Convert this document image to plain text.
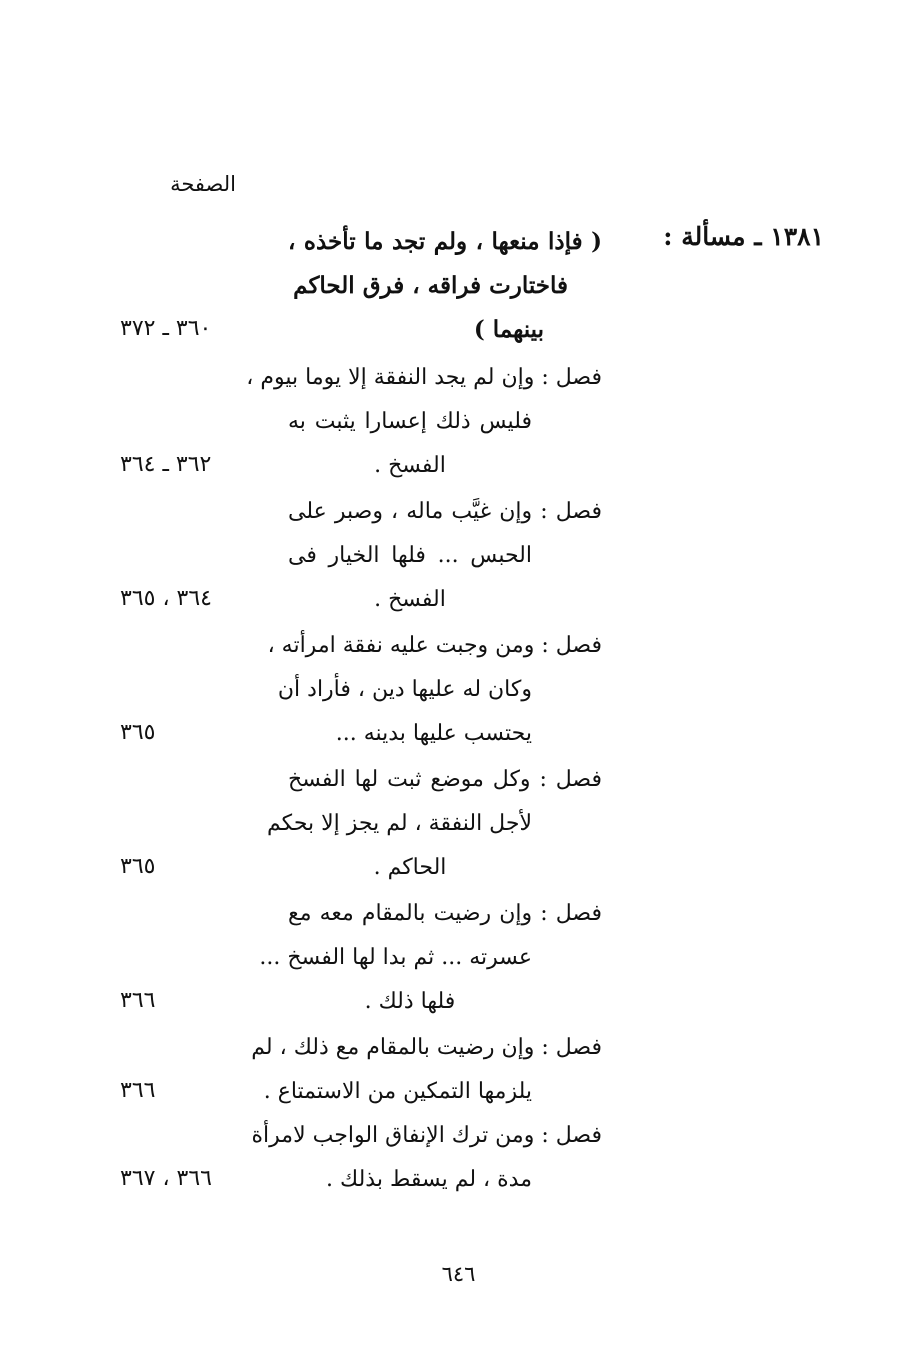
الصفحة
١٣٨١ ـ مسألة :
( فإذا منعها ، ولم تجد ما تأخذه ،
فاختارت فراقه ، فرق الحاكم
بينهما )
٣٦٠ ـ ٣٧٢
فصل : وإن لم يجد النفقة إلا يوما بيوم ،
فليس ذلك إعسارا يثبت به
الفسخ .
٣٦٢ ـ ٣٦٤
فصل : وإن غيَّب ماله ، وصبر على
الحبس ... فلها الخيار فى
الفسخ .
٣٦٤ ، ٣٦٥
فصل : ومن وجبت عليه نفقة امرأته ،
وكان له عليها دين ، فأراد أن
يحتسب عليها بدينه ...
٣٦٥
فصل : وكل موضع ثبت لها الفسخ
لأجل النفقة ، لم يجز إلا بحكم
الحاكم .
٣٦٥
فصل : وإن رضيت بالمقام معه مع
عسرته ... ثم بدا لها الفسخ ...
فلها ذلك .
٣٦٦
فصل : وإن رضيت بالمقام مع ذلك ، لم
يلزمها التمكين من الاستمتاع .
٣٦٦
فصل : ومن ترك الإنفاق الواجب لامرأة
مدة ، لم يسقط بذلك .
٣٦٦ ، ٣٦٧
٦٤٦
